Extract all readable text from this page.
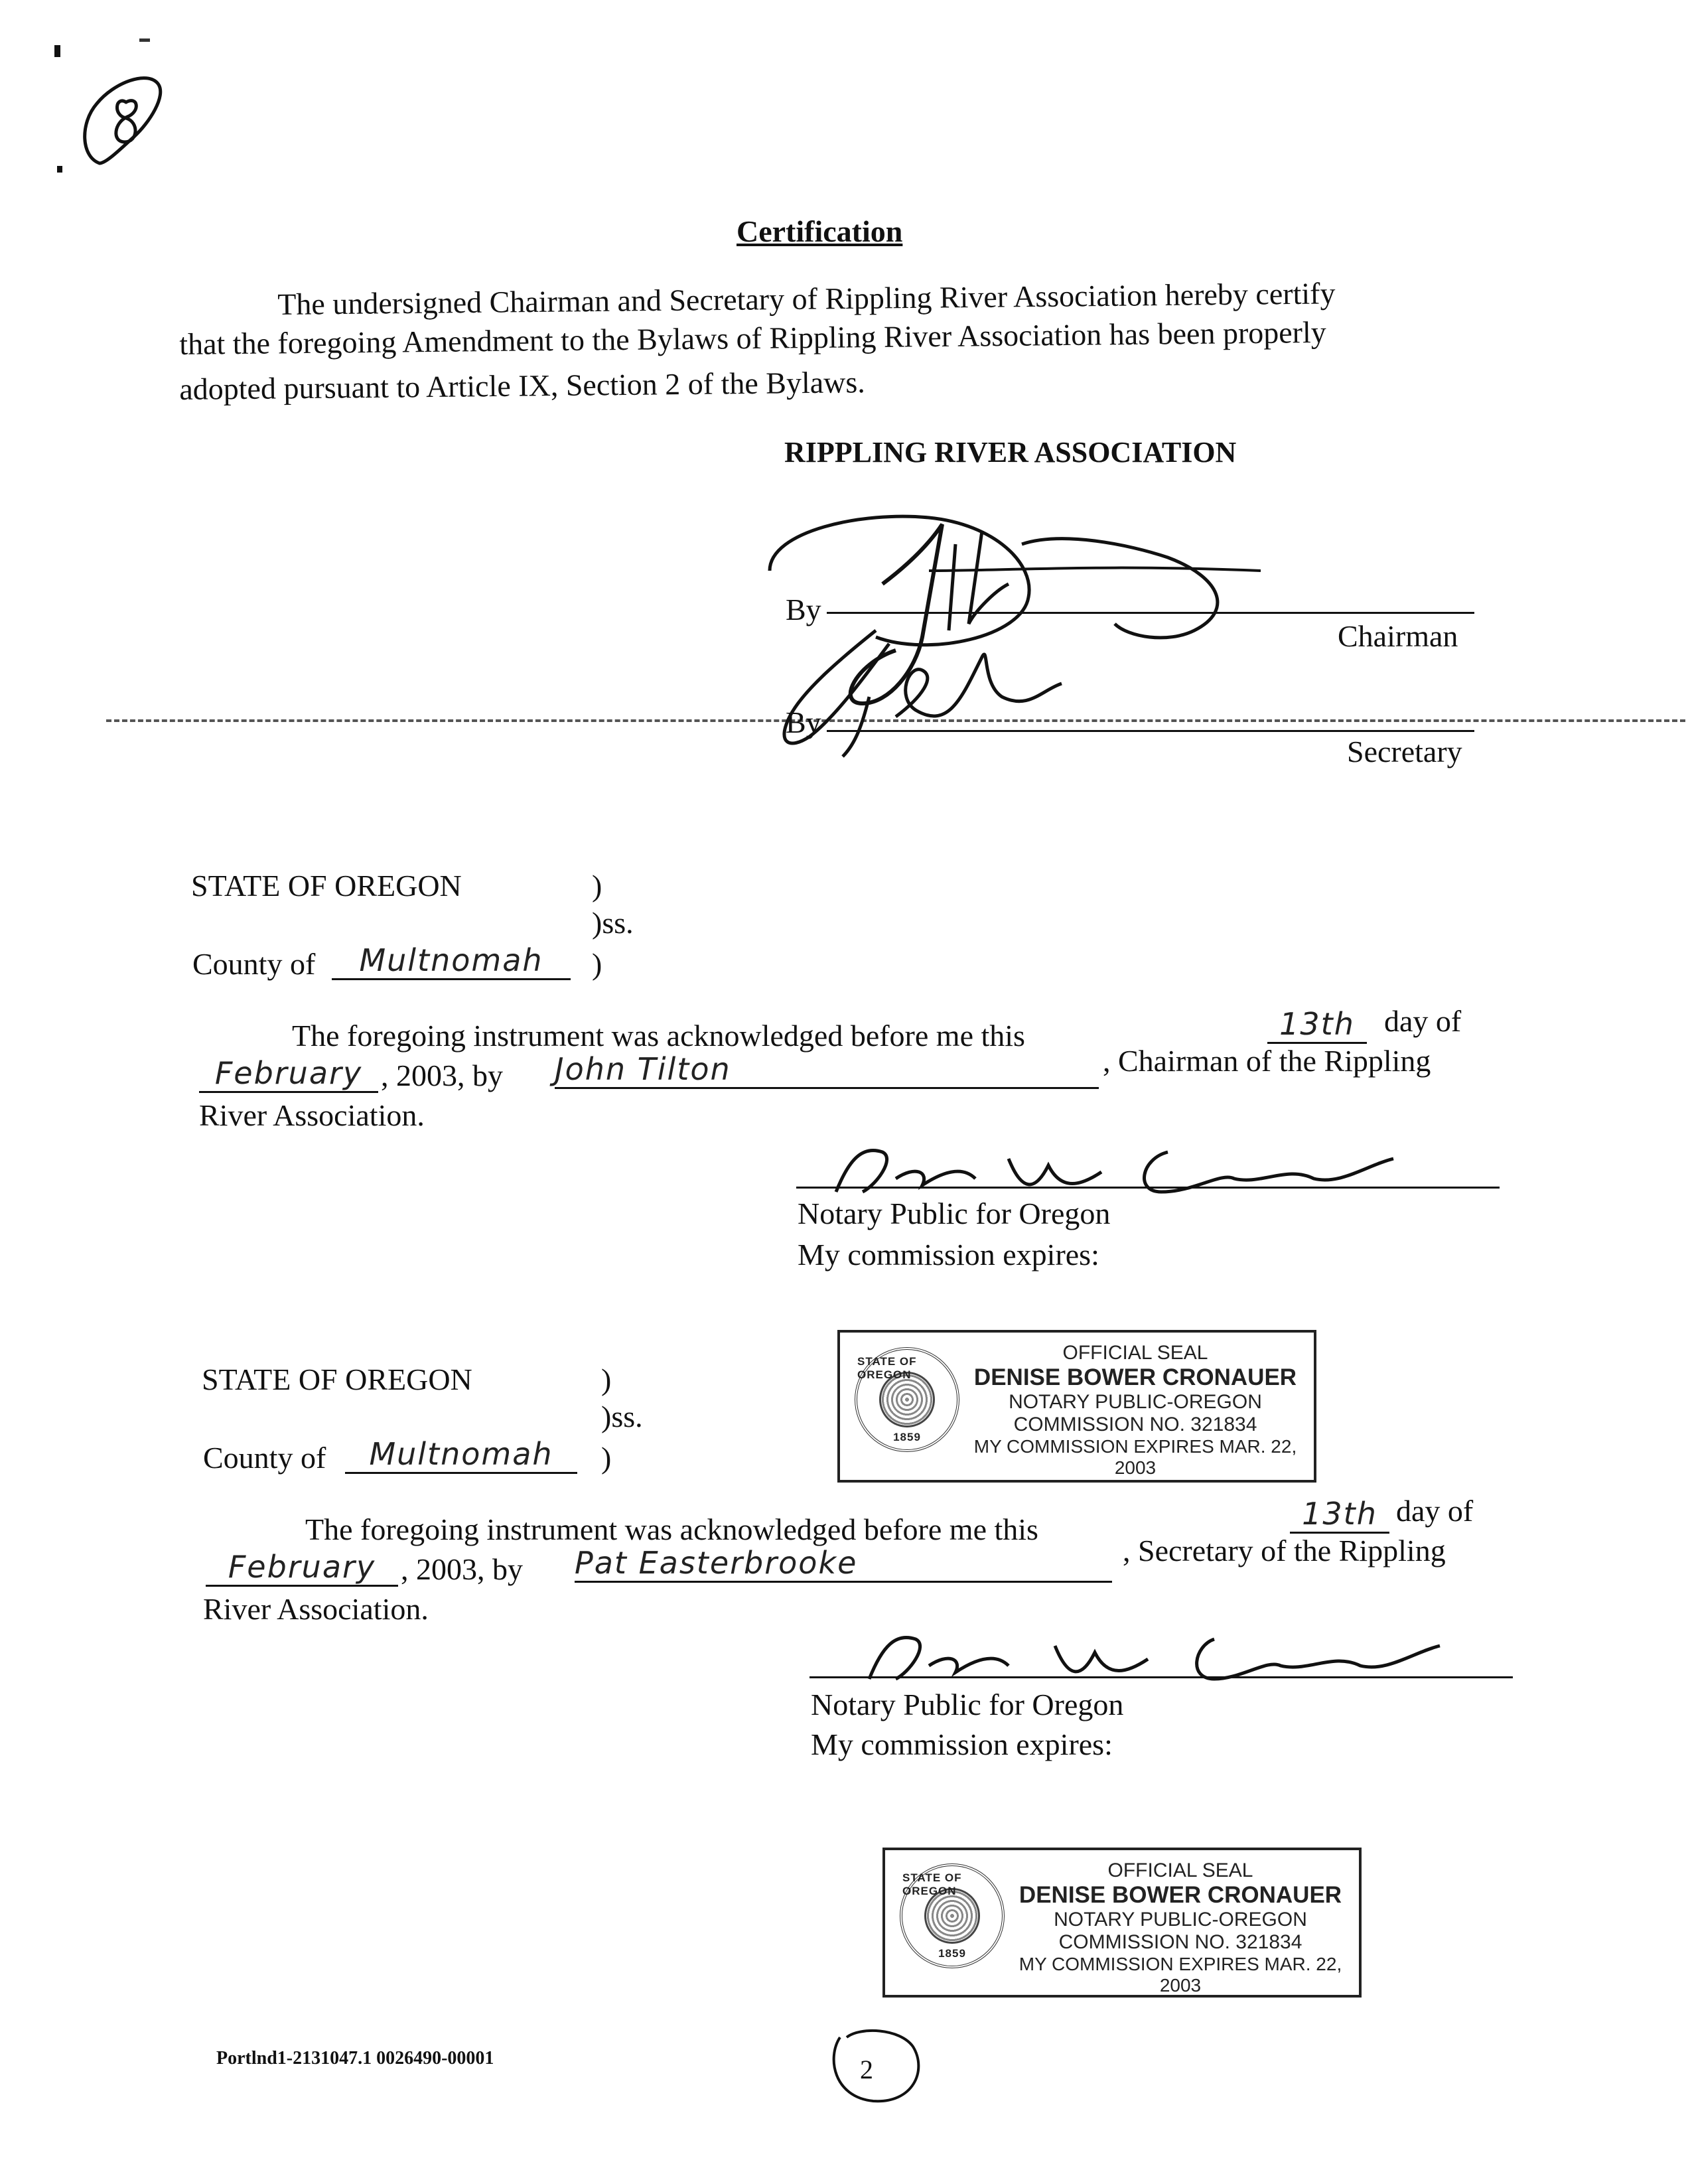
Certification
The undersigned Chairman and Secretary of Rippling River Association hereby certify
that the foregoing Amendment to the Bylaws of Rippling River Association has been properly
adopted pursuant to Article IX, Section 2 of the Bylaws.
RIPPLING RIVER ASSOCIATION
By
Chairman
By
Secretary
STATE OF OREGON	)
)ss.
County of	Multnomah	)
The foregoing instrument was acknowledged before me this	13th day of
February , 2003, by John Tilton	, Chairman of the Rippling
River Association.
Notary Public for Oregon
My commission expires:
STATE OF OREGON
1859
OFFICIAL SEAL
DENISE BOWER CRONAUER
NOTARY PUBLIC-OREGON
COMMISSION NO. 321834
MY COMMISSION EXPIRES MAR. 22, 2003
STATE OF OREGON	)
)ss.
County of	Multnomah	)
The foregoing instrument was acknowledged before me this	13th day of
February , 2003, by Pat Easterbrooke	, Secretary of the Rippling
River Association.
Notary Public for Oregon
My commission expires:
STATE OF OREGON
1859
OFFICIAL SEAL
DENISE BOWER CRONAUER
NOTARY PUBLIC-OREGON
COMMISSION NO. 321834
MY COMMISSION EXPIRES MAR. 22, 2003
Portlnd1-2131047.1 0026490-00001	2
